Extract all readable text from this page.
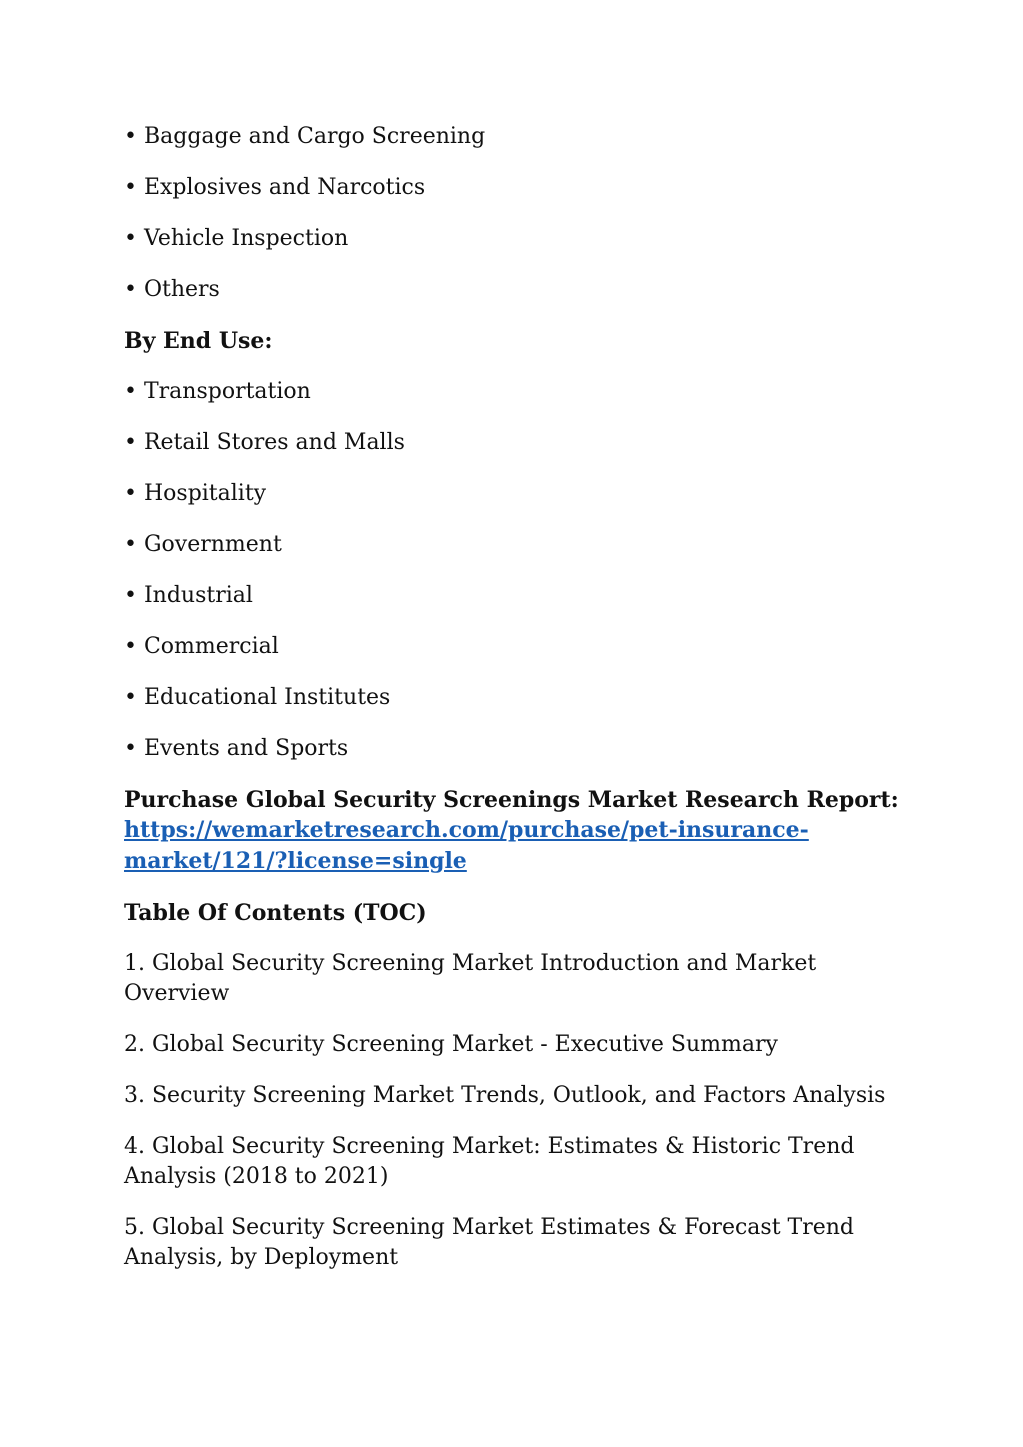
• Baggage and Cargo Screening

• Explosives and Narcotics

• Vehicle Inspection

• Others

By End Use:

• Transportation

• Retail Stores and Malls

• Hospitality

• Government

• Industrial

• Commercial

• Educational Institutes

• Events and Sports

Purchase Global Security Screenings Market Research Report:
https://wemarketresearch.com/purchase/pet-insurance-
market/121/?license=single

Table Of Contents (TOC)

1. Global Security Screening Market Introduction and Market Overview

2. Global Security Screening Market - Executive Summary

3. Security Screening Market Trends, Outlook, and Factors Analysis

4. Global Security Screening Market: Estimates & Historic Trend Analysis (2018 to 2021)

5. Global Security Screening Market Estimates & Forecast Trend Analysis, by Deployment
